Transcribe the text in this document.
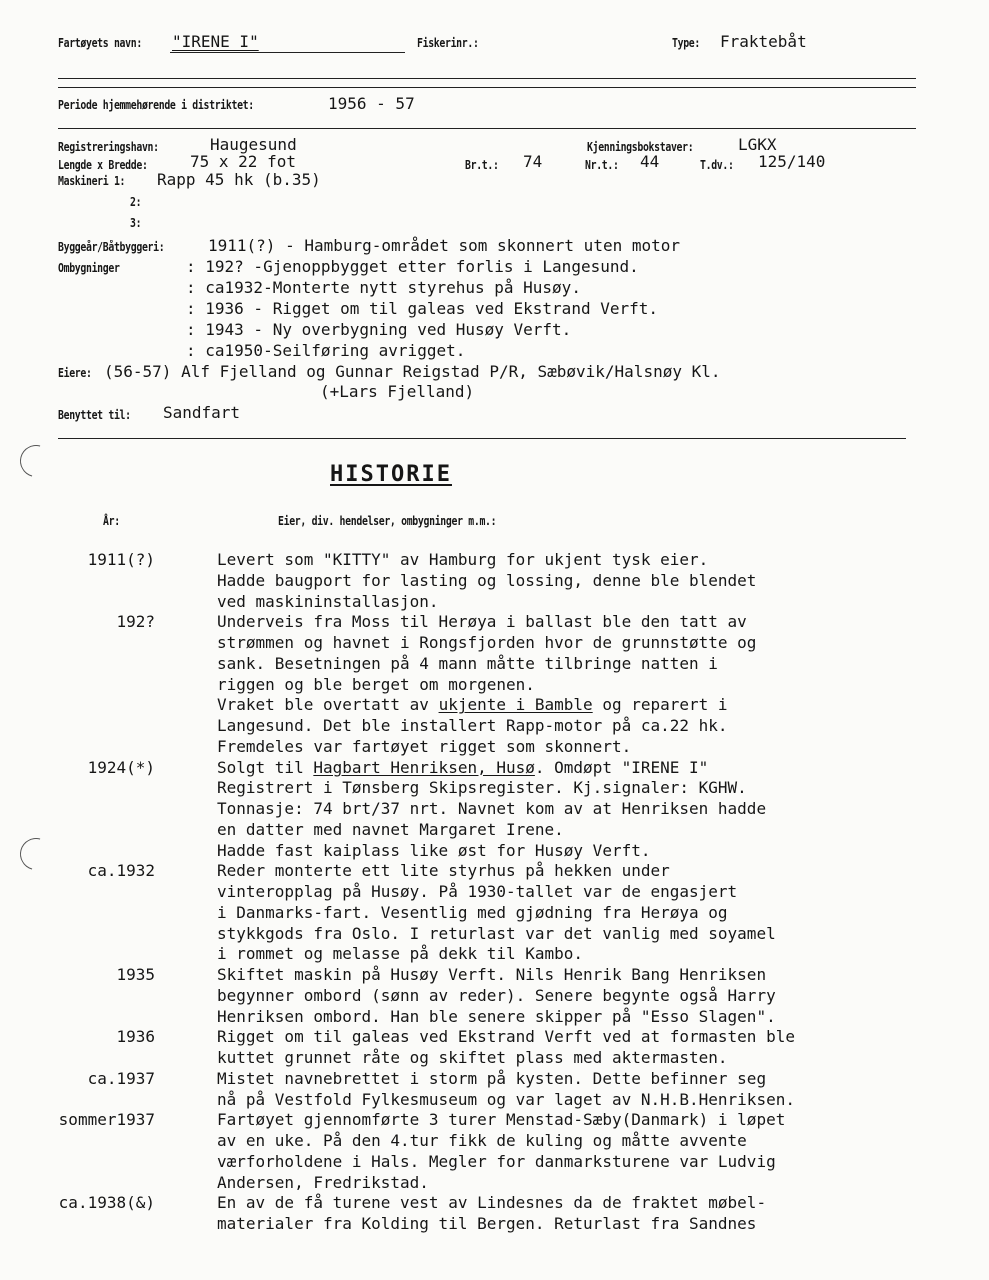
Fartøyets navn: "IRENE I"	Fiskerinr.:	Type: Fraktebåt
Periode hjemmehørende i distriktet:	1956 - 57
Registreringshavn:	Haugesund	Kjenningsbokstaver:	LGKX
Lengde x Bredde:	75 x 22 fot	Br.t.: 74	Nr.t.: 44	T.dv.: 125/140
Maskineri 1: Rapp 45 hk (b.35)
2:
3:
Byggeår/Båtbyggeri:	1911(?) - Hamburg-området som skonnert uten motor
Ombygninger	: 192? -Gjenoppbygget etter forlis i Langesund.
: ca1932-Monterte nytt styrehus på Husøy.
: 1936 - Rigget om til galeas ved Ekstrand Verft.
: 1943 - Ny overbygning ved Husøy Verft.
: ca1950-Seilføring avrigget.
Eiere: (56-57) Alf Fjelland og Gunnar Reigstad P/R, Sæbøvik/Halsnøy Kl.
(+Lars Fjelland)
Benyttet til: Sandfart
HISTORIE
År:	Eier, div. hendelser, ombygninger m.m.:
1911(?)	Levert som "KITTY" av Hamburg for ukjent tysk eier.
Hadde baugport for lasting og lossing, denne ble blendet
ved maskininstallasjon.
192?	Underveis fra Moss til Herøya i ballast ble den tatt av
strømmen og havnet i Rongsfjorden hvor de grunnstøtte og
sank. Besetningen på 4 mann måtte tilbringe natten i
riggen og ble berget om morgenen.
Vraket ble overtatt av ukjente i Bamble og reparert i
Langesund. Det ble installert Rapp-motor på ca.22 hk.
Fremdeles var fartøyet rigget som skonnert.
1924(*)	Solgt til Hagbart Henriksen, Husø. Omdøpt "IRENE I"
Registrert i Tønsberg Skipsregister. Kj.signaler: KGHW.
Tonnasje: 74 brt/37 nrt. Navnet kom av at Henriksen hadde
en datter med navnet Margaret Irene.
Hadde fast kaiplass like øst for Husøy Verft.
ca.1932	Reder monterte ett lite styrhus på hekken under
vinteropplag på Husøy. På 1930-tallet var de engasjert
i Danmarks-fart. Vesentlig med gjødning fra Herøya og
stykkgods fra Oslo. I returlast var det vanlig med soyamel
i rommet og melasse på dekk til Kambo.
1935	Skiftet maskin på Husøy Verft. Nils Henrik Bang Henriksen
begynner ombord (sønn av reder). Senere begynte også Harry
Henriksen ombord. Han ble senere skipper på "Esso Slagen".
1936	Rigget om til galeas ved Ekstrand Verft ved at formasten ble
kuttet grunnet råte og skiftet plass med aktermasten.
ca.1937	Mistet navnebrettet i storm på kysten. Dette befinner seg
nå på Vestfold Fylkesmuseum og var laget av N.H.B.Henriksen.
sommer1937	Fartøyet gjennomførte 3 turer Menstad-Sæby(Danmark) i løpet
av en uke. På den 4.tur fikk de kuling og måtte avvente
værforholdene i Hals. Megler for danmarksturene var Ludvig
Andersen, Fredrikstad.
ca.1938(&)	En av de få turene vest av Lindesnes da de fraktet møbel-
materialer fra Kolding til Bergen. Returlast fra Sandnes
